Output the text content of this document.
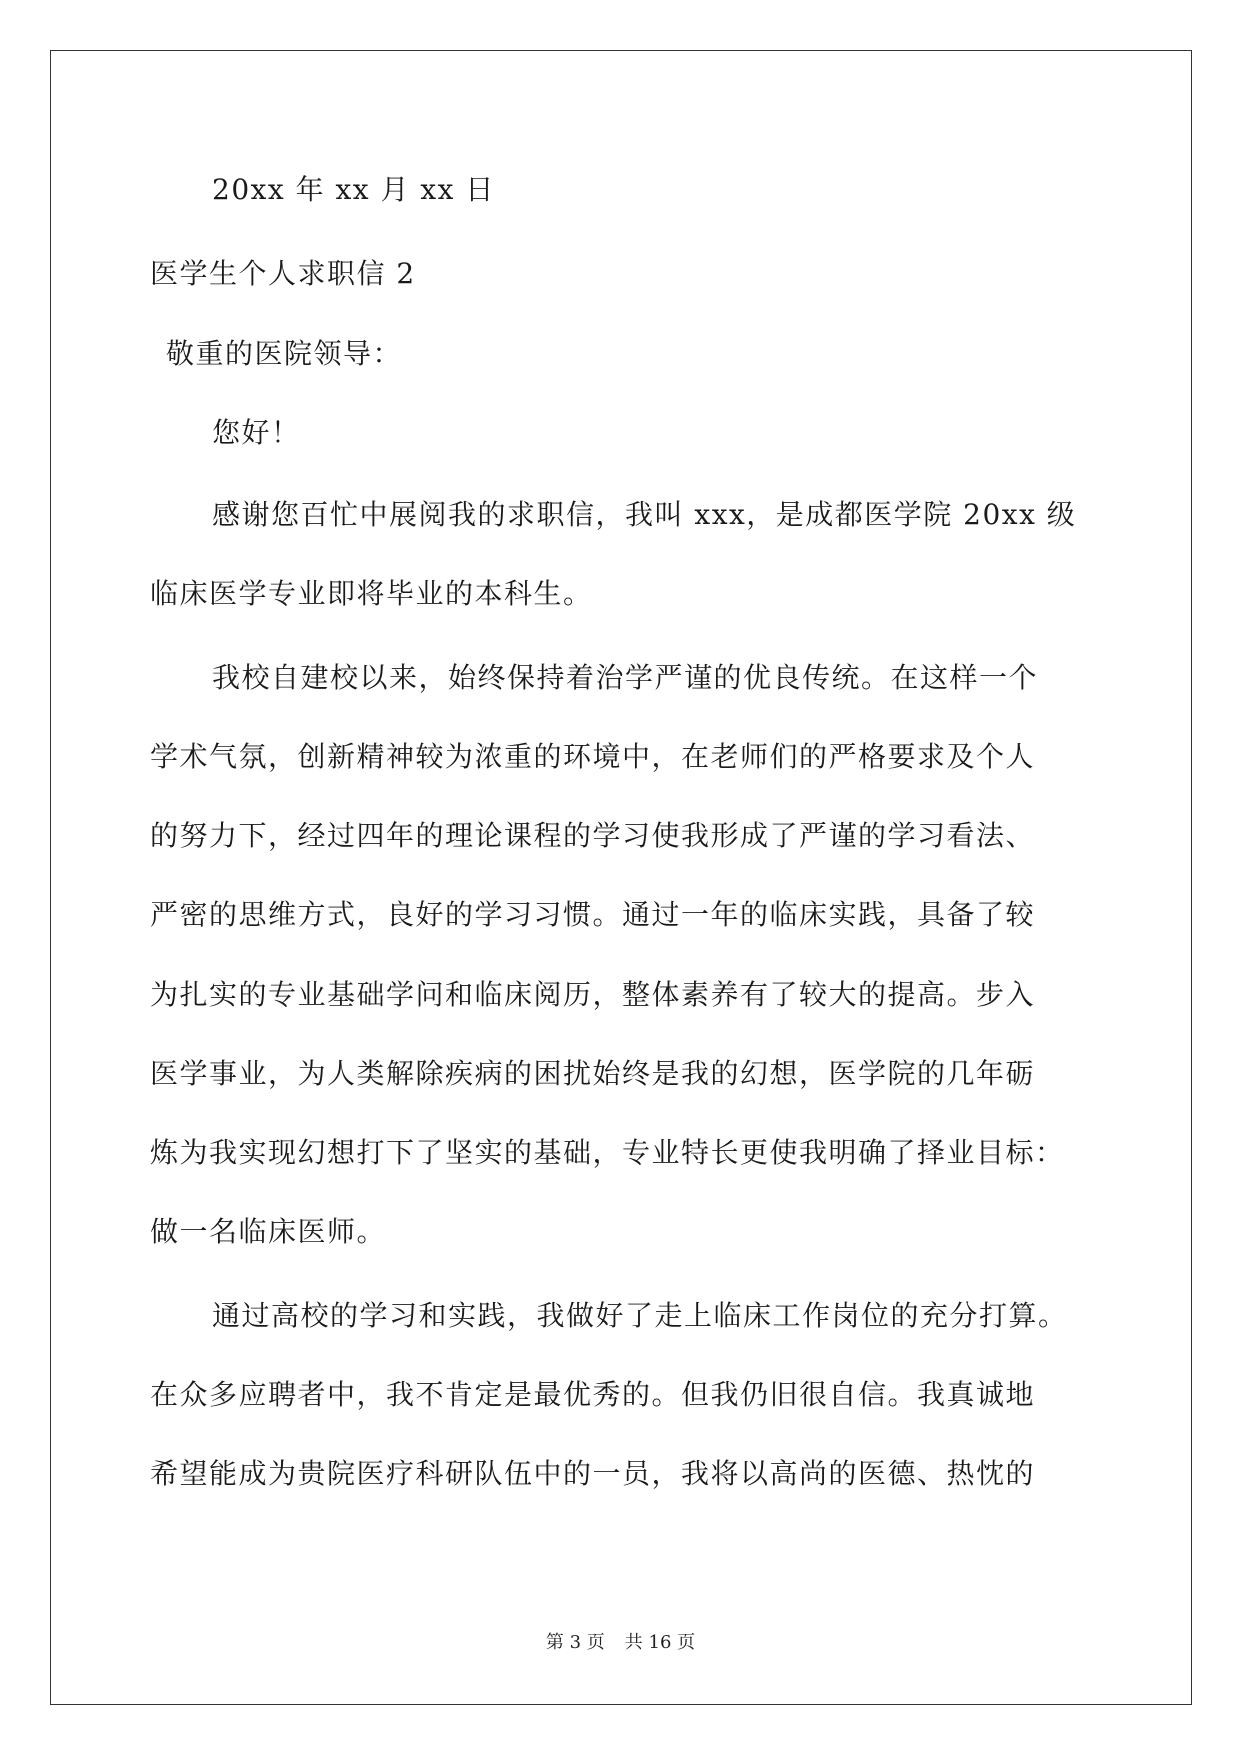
20xx 年 xx 月 xx 日
医学生个人求职信 2
敬重的医院领导：
您好！
感谢您百忙中展阅我的求职信，我叫 xxx，是成都医学院 20xx 级
临床医学专业即将毕业的本科生。
我校自建校以来，始终保持着治学严谨的优良传统。在这样一个
学术气氛，创新精神较为浓重的环境中，在老师们的严格要求及个人
的努力下，经过四年的理论课程的学习使我形成了严谨的学习看法、
严密的思维方式，良好的学习习惯。通过一年的临床实践，具备了较
为扎实的专业基础学问和临床阅历，整体素养有了较大的提高。步入
医学事业，为人类解除疾病的困扰始终是我的幻想，医学院的几年砺
炼为我实现幻想打下了坚实的基础，专业特长更使我明确了择业目标：
做一名临床医师。
通过高校的学习和实践，我做好了走上临床工作岗位的充分打算。
在众多应聘者中，我不肯定是最优秀的。但我仍旧很自信。我真诚地
希望能成为贵院医疗科研队伍中的一员，我将以高尚的医德、热忱的
第 3 页 共 16 页
